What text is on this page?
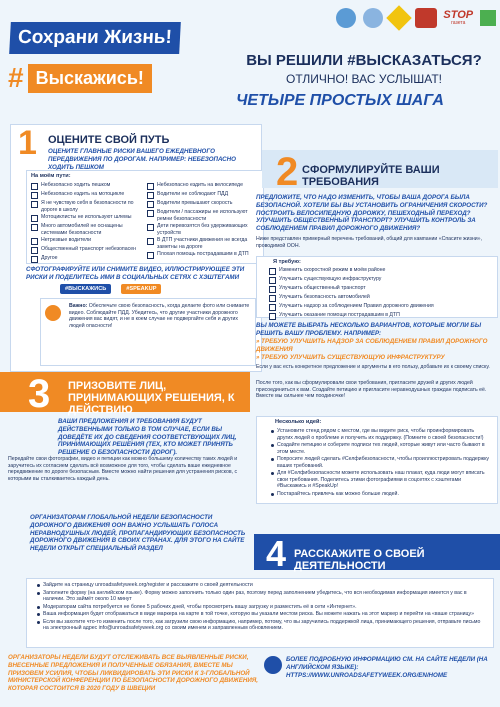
STOP
газета
Сохрани Жизнь!
# Выскажись!
ВЫ РЕШИЛИ #ВЫСКАЗАТЬСЯ?
ОТЛИЧНО! ВАС УСЛЫШАТ!
ЧЕТЫРЕ ПРОСТЫХ ШАГА
1 ОЦЕНИТЕ СВОЙ ПУТЬ
ОЦЕНИТЕ ГЛАВНЫЕ РИСКИ ВАШЕГО ЕЖЕДНЕВНОГО ПЕРЕДВИЖЕНИЯ ПО ДОРОГАМ. НАПРИМЕР: НЕБЕЗОПАСНО ХОДИТЬ ПЕШКОМ
На моём пути:
Небезопасно ходить пешком
Небезопасно ездить на мотоцикле
Я не чувствую себя в безопасности по дороге в школу
Мотоциклисты не используют шлемы
Много автомобилей не оснащены системами безопасности
Нетрезвые водители
Общественный транспорт небезопасен
Другое
Небезопасно ездить на велосипеде
Водители не соблюдают ПДД
Водители превышают скорость
Водители / пассажиры не используют ремни безопасности
Дети перевозятся без удерживающих устройств
В ДТП участники движения не всегда заметны на дороге
Плохая помощь пострадавшим в ДТП
СФОТОГРАФИРУЙТЕ ИЛИ СНИМИТЕ ВИДЕО, ИЛЛЮСТРИРУЮЩЕЕ ЭТИ РИСКИ И ПОДЕЛИТЕСЬ ИМИ В СОЦИАЛЬНЫХ СЕТЯХ С ХЭШТЕГАМИ
#ВЫСКАЖИСЬ	#SPEAKUP
Важно: Обеспечьте свою безопасность, когда делаете фото или снимаете видео. Соблюдайте ПДД. Убедитесь, что другие участники дорожного движения вас видят, и не в коем случае не подвергайте себя и других людей опасности!
2 СФОРМУЛИРУЙТЕ ВАШИ ТРЕБОВАНИЯ
ПРЕДЛОЖИТЕ, ЧТО НАДО ИЗМЕНИТЬ, ЧТОБЫ ВАША ДОРОГА БЫЛА БЕЗОПАСНОЙ. ХОТЕЛИ БЫ ВЫ УСТАНОВИТЬ ОГРАНИЧЕНИЯ СКОРОСТИ? ПОСТРОИТЬ ВЕЛОСИПЕДНУЮ ДОРОЖКУ, ПЕШЕХОДНЫЙ ПЕРЕХОД? УЛУЧШИТЬ ОБЩЕСТВЕННЫЙ ТРАНСПОРТ? УЛУЧШИТЬ КОНТРОЛЬ ЗА СОБЛЮДЕНИЕМ ПРАВИЛ ДОРОЖНОГО ДВИЖЕНИЯ?
Ниже представлен примерный перечень требований, общий для кампании «Спасите жизни», проводимой ООН.
Я требую:
Изменить скоростной режим в моём районе
Улучшить существующую инфраструктуру
Улучшить общественный транспорт
Улучшить безопасность автомобилей
Улучшить надзор за соблюдением Правил дорожного движения
Улучшить оказание помощи пострадавшим в ДТП
ВЫ МОЖЕТЕ ВЫБРАТЬ НЕСКОЛЬКО ВАРИАНТОВ, КОТОРЫЕ МОГЛИ БЫ РЕШИТЬ ВАШУ ПРОБЛЕМУ. НАПРИМЕР:
» ТРЕБУЮ УЛУЧШИТЬ НАДЗОР ЗА СОБЛЮДЕНИЕМ ПРАВИЛ ДОРОЖНОГО ДВИЖЕНИЯ
» ТРЕБУЮ УЛУЧШИТЬ СУЩЕСТВУЮЩУЮ ИНФРАСТРУКТУРУ
Если у вас есть конкретное предложение и аргументы в его пользу, добавьте их к своему списку.
После того, как вы сформулировали свои требования, пригласите друзей и других людей присоединиться к вам. Создайте петицию и пригласите неравнодушных граждан подписать её. Вместе мы сильнее чем поодиночке!
Несколько идей:
Установите стенд рядом с местом, где вы видите риск, чтобы проинформировать других людей о проблеме и получить их поддержку. (Помните о своей безопасности!)
Создайте петицию и соберите подписи тех людей, которые живут или часто бывают в этом месте.
Попросите людей сделать #Селфибезопасности, чтобы проиллюстрировать поддержку ваших требований.
Для #Селфибезопасности можете использовать наш плакат, куда люди могут вписать свои требования. Поделитесь этими фотографиями в соцсетях с хэштегами #Выскажись и #SpeakUp!
Постарайтесь привлечь как можно больше людей.
3 ПРИЗОВИТЕ ЛИЦ, ПРИНИМАЮЩИХ РЕШЕНИЯ, К ДЕЙСТВИЮ
ВАШИ ПРЕДЛОЖЕНИЯ И ТРЕБОВАНИЯ БУДУТ ДЕЙСТВЕННЫМИ ТОЛЬКО В ТОМ СЛУЧАЕ, ЕСЛИ ВЫ ДОВЕДЁТЕ ИХ ДО СВЕДЕНИЯ СООТВЕТСТВУЮЩИХ ЛИЦ, ПРИНИМАЮЩИХ РЕШЕНИЯ (ТЕХ, КТО МОЖЕТ ПРИНЯТЬ РЕШЕНИЕ О БЕЗОПАСНОСТИ ДОРОГ).
Передайте свои фотографии, видео и петиции как можно большему количеству таких людей и заручитесь их согласием сделать всё возможное для того, чтобы сделать ваше ежедневное передвижение по дороге безопасным. Вместе можно найти решения для устранения рисков, с которыми вы сталкиваетесь каждый день.
ОРГАНИЗАТОРАМ ГЛОБАЛЬНОЙ НЕДЕЛИ БЕЗОПАСНОСТИ ДОРОЖНОГО ДВИЖЕНИЯ ООН ВАЖНО УСЛЫШАТЬ ГОЛОСА НЕРАВНОДУШНЫХ ЛЮДЕЙ, ПРОПАГАНДИРУЮЩИХ БЕЗОПАСНОСТЬ ДОРОЖНОГО ДВИЖЕНИЯ В СВОИХ СТРАНАХ. ДЛЯ ЭТОГО НА САЙТЕ НЕДЕЛИ ОТКРЫТ СПЕЦИАЛЬНЫЙ РАЗДЕЛ	4 РАССКАЖИТЕ О СВОЕЙ ДЕЯТЕЛЬНОСТИ
Зайдите на страницу unroadsafetyweek.org/register и расскажите о своей деятельности
Заполните форму (на английском языке). Форму можно заполнить только один раз, поэтому перед заполнением убедитесь, что вся необходимая информация имеется у вас в наличии. Это займёт около 10 минут
Модераторам сайта потребуется не более 5 рабочих дней, чтобы просмотреть вашу загрузку и разместить её в сети «Интернет».
Ваша информация будет отображаться в виде маркера на карте в той точке, которую вы указали местом риска. Вы можете нажать на этот маркер и перейти на «ваше страницу»
Если вы захотите что-то изменить после того, как загрузили свою информацию, например, потому, что вы заручились поддержкой лица, принимающего решения, отправьте письмо на электронный адрес info@unroadsafetyweek.org со своим именем и заправленным обновлением.
ОРГАНИЗАТОРЫ НЕДЕЛИ БУДУТ ОТСЛЕЖИВАТЬ ВСЕ ВЫЯВЛЕННЫЕ РИСКИ, ВНЕСЕННЫЕ ПРЕДЛОЖЕНИЯ И ПОЛУЧЕННЫЕ ОБЯЗАНИЯ, ВМЕСТЕ МЫ ПРИЗОВЕМ УСИЛИЯ, ЧТОБЫ ЛИКВИДИРОВАТЬ ЭТИ РИСКИ К 3-ГЛОБАЛЬНОЙ МИНИСТЕРСКОЙ КОНФЕРЕНЦИИ ПО БЕЗОПАСНОСТИ ДОРОЖНОГО ДВИЖЕНИЯ, КОТОРАЯ СОСТОИТСЯ В 2020 ГОДУ В ШВЕЦИИ
БОЛЕЕ ПОДРОБНУЮ ИНФОРМАЦИЮ СМ. НА САЙТЕ НЕДЕЛИ (НА АНГЛИЙСКОМ ЯЗЫКЕ): HTTPS://WWW.UNROADSAFETYWEEK.ORG/EN/HOME
